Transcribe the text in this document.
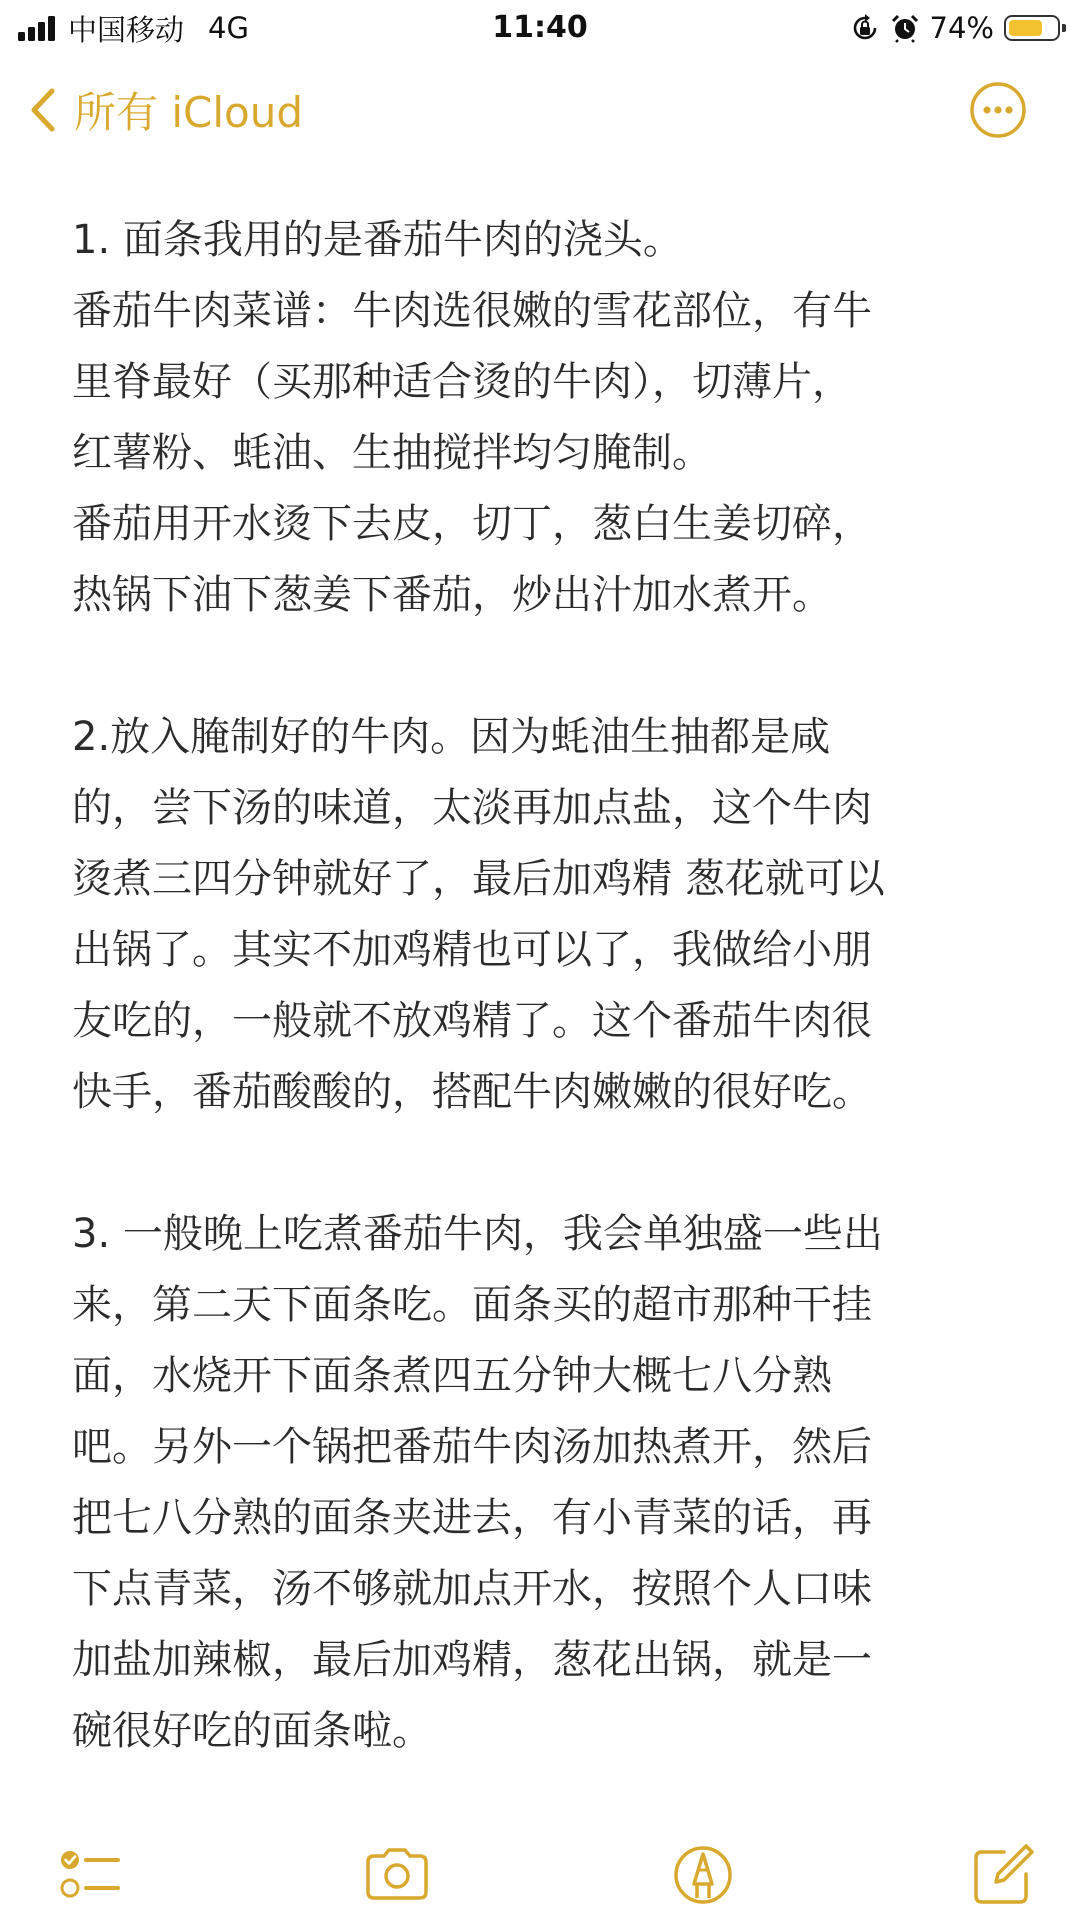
中国移动 4G	11:40	74%
所有 iCloud
1. 面条我用的是番茄牛肉的浇头。
番茄牛肉菜谱：牛肉选很嫩的雪花部位，有牛
里脊最好（买那种适合烫的牛肉），切薄片，
红薯粉、蚝油、生抽搅拌均匀腌制。
番茄用开水烫下去皮，切丁，葱白生姜切碎，
热锅下油下葱姜下番茄，炒出汁加水煮开。
2.放入腌制好的牛肉。因为蚝油生抽都是咸
的，尝下汤的味道，太淡再加点盐，这个牛肉
烫煮三四分钟就好了，最后加鸡精 葱花就可以
出锅了。其实不加鸡精也可以了，我做给小朋
友吃的，一般就不放鸡精了。这个番茄牛肉很
快手，番茄酸酸的，搭配牛肉嫩嫩的很好吃。
3. 一般晚上吃煮番茄牛肉，我会单独盛一些出
来，第二天下面条吃。面条买的超市那种干挂
面，水烧开下面条煮四五分钟大概七八分熟
吧。另外一个锅把番茄牛肉汤加热煮开，然后
把七八分熟的面条夹进去，有小青菜的话，再
下点青菜，汤不够就加点开水，按照个人口味
加盐加辣椒，最后加鸡精，葱花出锅，就是一
碗很好吃的面条啦。
